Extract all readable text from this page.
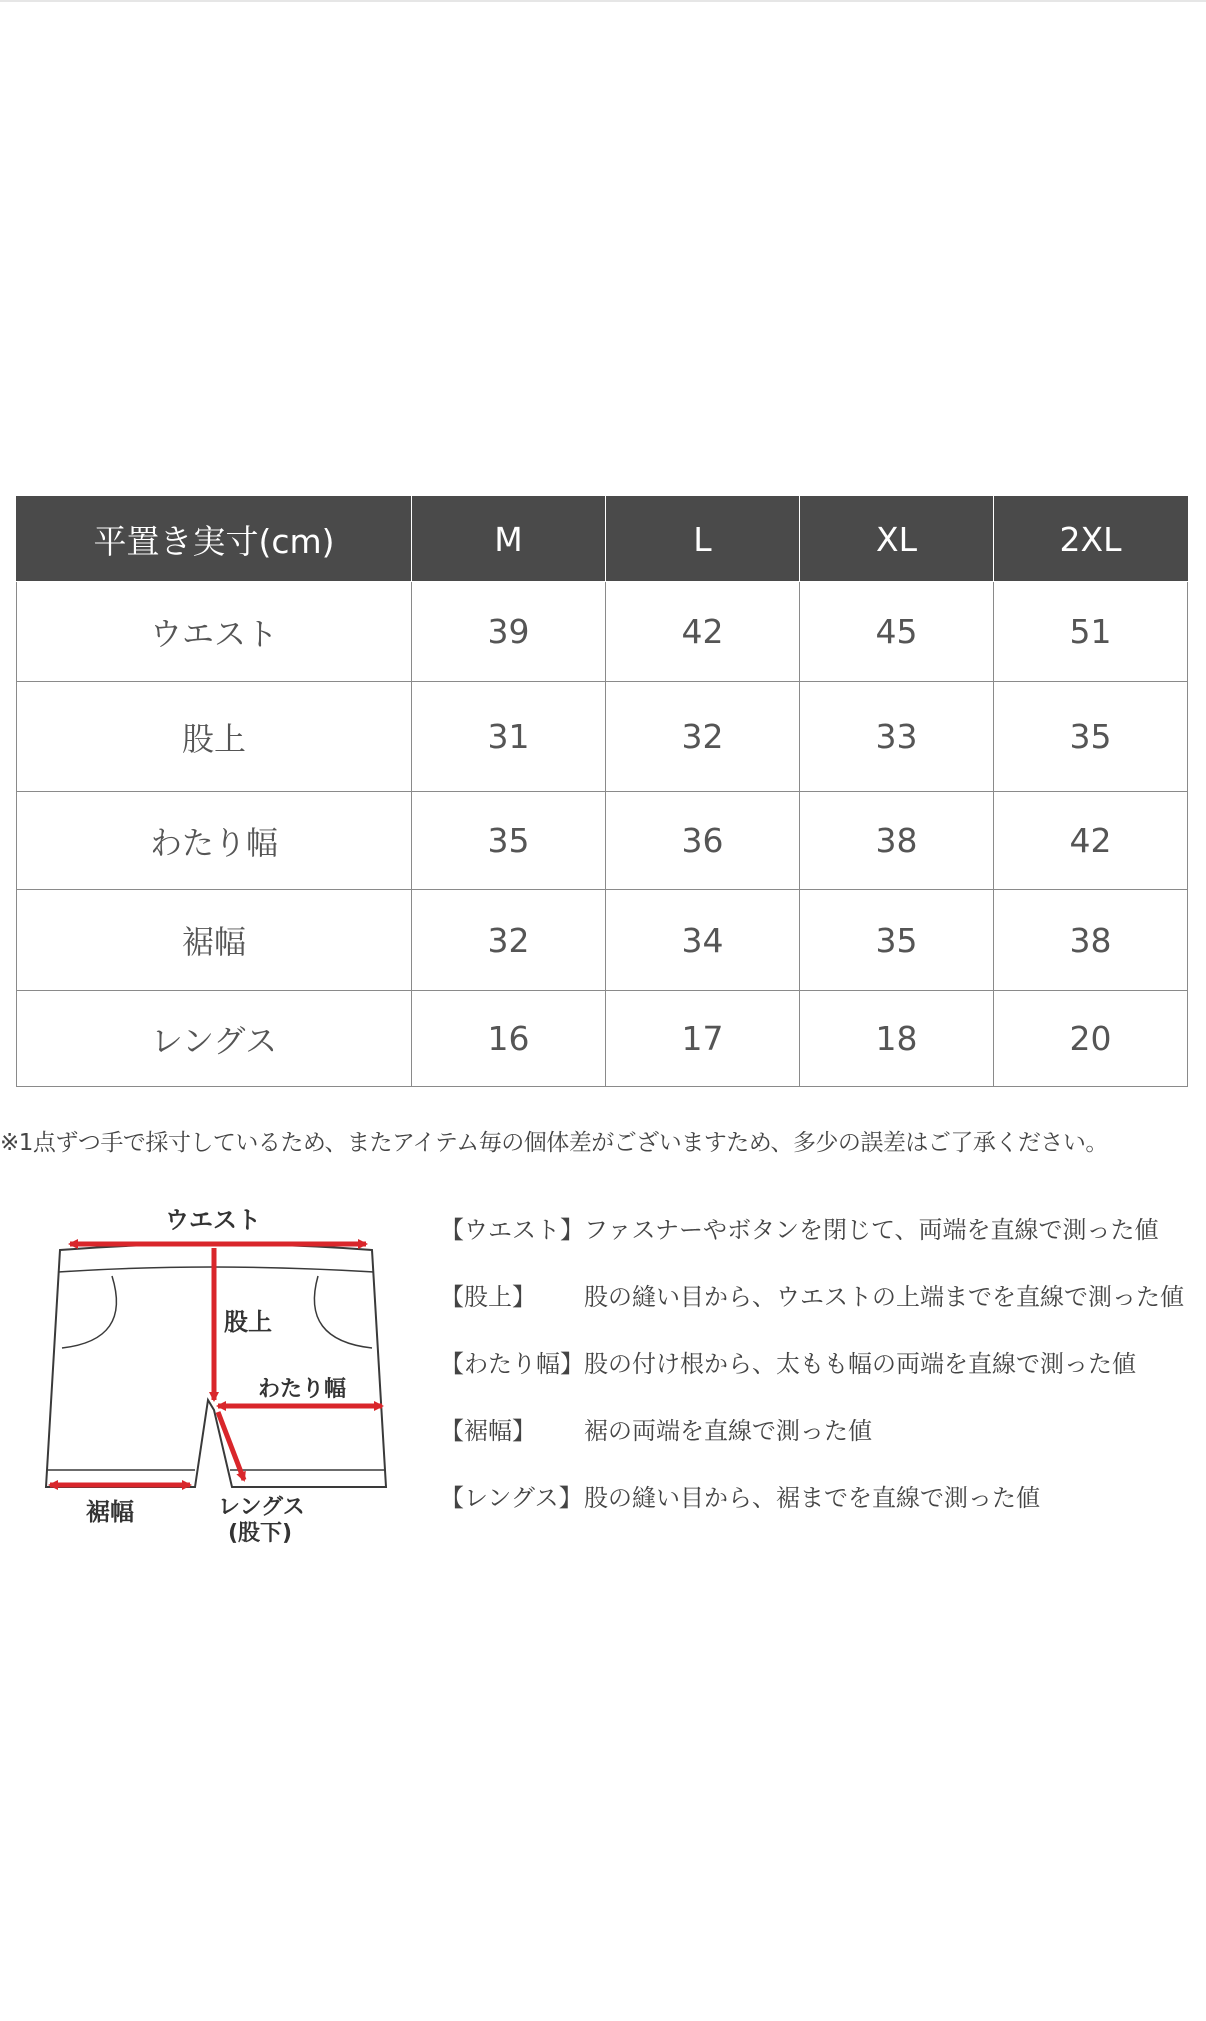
平置き実寸(cm)	M	L	XL	2XL
ウエスト	39	42	45	51
股上	31	32	33	35
わたり幅	35	36	38	42
裾幅	32	34	35	38
レングス	16	17	18	20
※1点ずつ手で採寸しているため、またアイテム毎の個体差がございますため、多少の誤差はご了承ください。
ウエスト
股上
わたり幅
裾幅	レングス
(股下)
【ウエスト】 ファスナーやボタンを閉じて、両端を直線で測った値
【股上】 股の縫い目から、ウエストの上端までを直線で測った値
【わたり幅】 股の付け根から、太もも幅の両端を直線で測った値
【裾幅】 裾の両端を直線で測った値
【レングス】 股の縫い目から、裾までを直線で測った値
